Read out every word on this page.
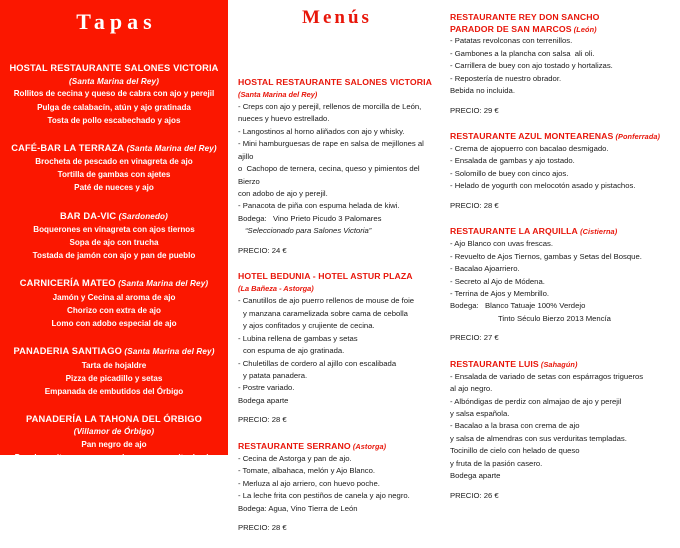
Tapas
HOSTAL RESTAURANTE SALONES VICTORIA
(Santa Marina del Rey)
Rollitos de cecina y queso de cabra con ajo y perejil
Pulga de calabacín, atún y ajo gratinada
Tosta de pollo escabechado y ajos
CAFÉ-BAR LA TERRAZA (Santa Marina del Rey)
Brocheta de pescado en vinagreta de ajo
Tortilla de gambas con ajetes
Paté de nueces y ajo
BAR DA-VIC (Sardonedo)
Boquerones en vinagreta con ajos tiernos
Sopa de ajo con trucha
Tostada de jamón con ajo y pan de pueblo
CARNICERÍA MATEO (Santa Marina del Rey)
Jamón y Cecina al aroma de ajo
Chorizo con extra de ajo
Lomo con adobo especial de ajo
PANADERIA SANTIAGO (Santa Marina del Rey)
Tarta de hojaldre
Pizza de picadillo y setas
Empanada de embutidos del Órbigo
PANADERÍA LA TAHONA DEL ÓRBIGO
(Villamor de Órbigo)
Pan negro de ajo
Pan de aceitunas, nueces y bacon con aceite de ajo confitado
Bizcocho de crema
Menús
HOSTAL RESTAURANTE SALONES VICTORIA
(Santa Marina del Rey)
- Creps con ajo y perejil, rellenos de morcilla de León,
nueces y huevo estrellado.
- Langostinos al horno aliñados con ajo y whisky.
- Mini hamburguesas de rape en salsa de mejillones al ajillo
o  Cachopo de ternera, cecina, queso y pimientos del Bierzo
con adobo de ajo y perejil.
- Panacota de piña con espuma helada de kiwi.
Bodega:   Vino Prieto Picudo 3 Palomares
“Seleccionado para Salones Victoria”
PRECIO: 24 €
HOTEL BEDUNIA - HOTEL ASTUR PLAZA
(La Bañeza - Astorga)
- Canutillos de ajo puerro rellenos de mouse de foie
y manzana caramelizada sobre cama de cebolla
y ajos confitados y crujiente de cecina.
- Lubina rellena de gambas y setas
con espuma de ajo gratinada.
- Chuletillas de cordero al ajillo con escalibada
y patata panadera.
- Postre variado.
Bodega aparte
PRECIO: 28 €
RESTAURANTE SERRANO (Astorga)
- Cecina de Astorga y pan de ajo.
- Tomate, albahaca, melón y Ajo Blanco.
- Merluza al ajo arriero, con huevo poche.
- La leche frita con pestiños de canela y ajo negro.
Bodega: Agua, Vino Tierra de León
PRECIO: 28 €
RESTAURANTE REY DON SANCHO
PARADOR DE SAN MARCOS (León)
- Patatas revolconas con terrenillos.
- Gambones a la plancha con salsa  ali oli.
- Carrillera de buey con ajo tostado y hortalizas.
- Repostería de nuestro obrador.
Bebida no incluida.
PRECIO: 29 €
RESTAURANTE AZUL MONTEARENAS (Ponferrada)
- Crema de ajopuerro con bacalao desmigado.
- Ensalada de gambas y ajo tostado.
- Solomillo de buey con cinco ajos.
- Helado de yogurth con melocotón asado y pistachos.
PRECIO: 28 €
RESTAURANTE LA ARQUILLA (Cistierna)
- Ajo Blanco con uvas frescas.
- Revuelto de Ajos Tiernos, gambas y Setas del Bosque.
- Bacalao Ajoarriero.
- Secreto al Ajo de Módena.
- Terrina de Ajos y Membrillo.
Bodega:   Blanco Tatuaje 100% Verdejo
Tinto Século Bierzo 2013 Mencía
PRECIO: 27 €
RESTAURANTE LUIS (Sahagún)
- Ensalada de variado de setas con espárragos trigueros
al ajo negro.
- Albóndigas de perdiz con almajao de ajo y perejil
y salsa española.
- Bacalao a la brasa con crema de ajo
y salsa de almendras con sus verduritas templadas.
Tocinillo de cielo con helado de queso
y fruta de la pasión casero.
Bodega aparte
PRECIO: 26 €
